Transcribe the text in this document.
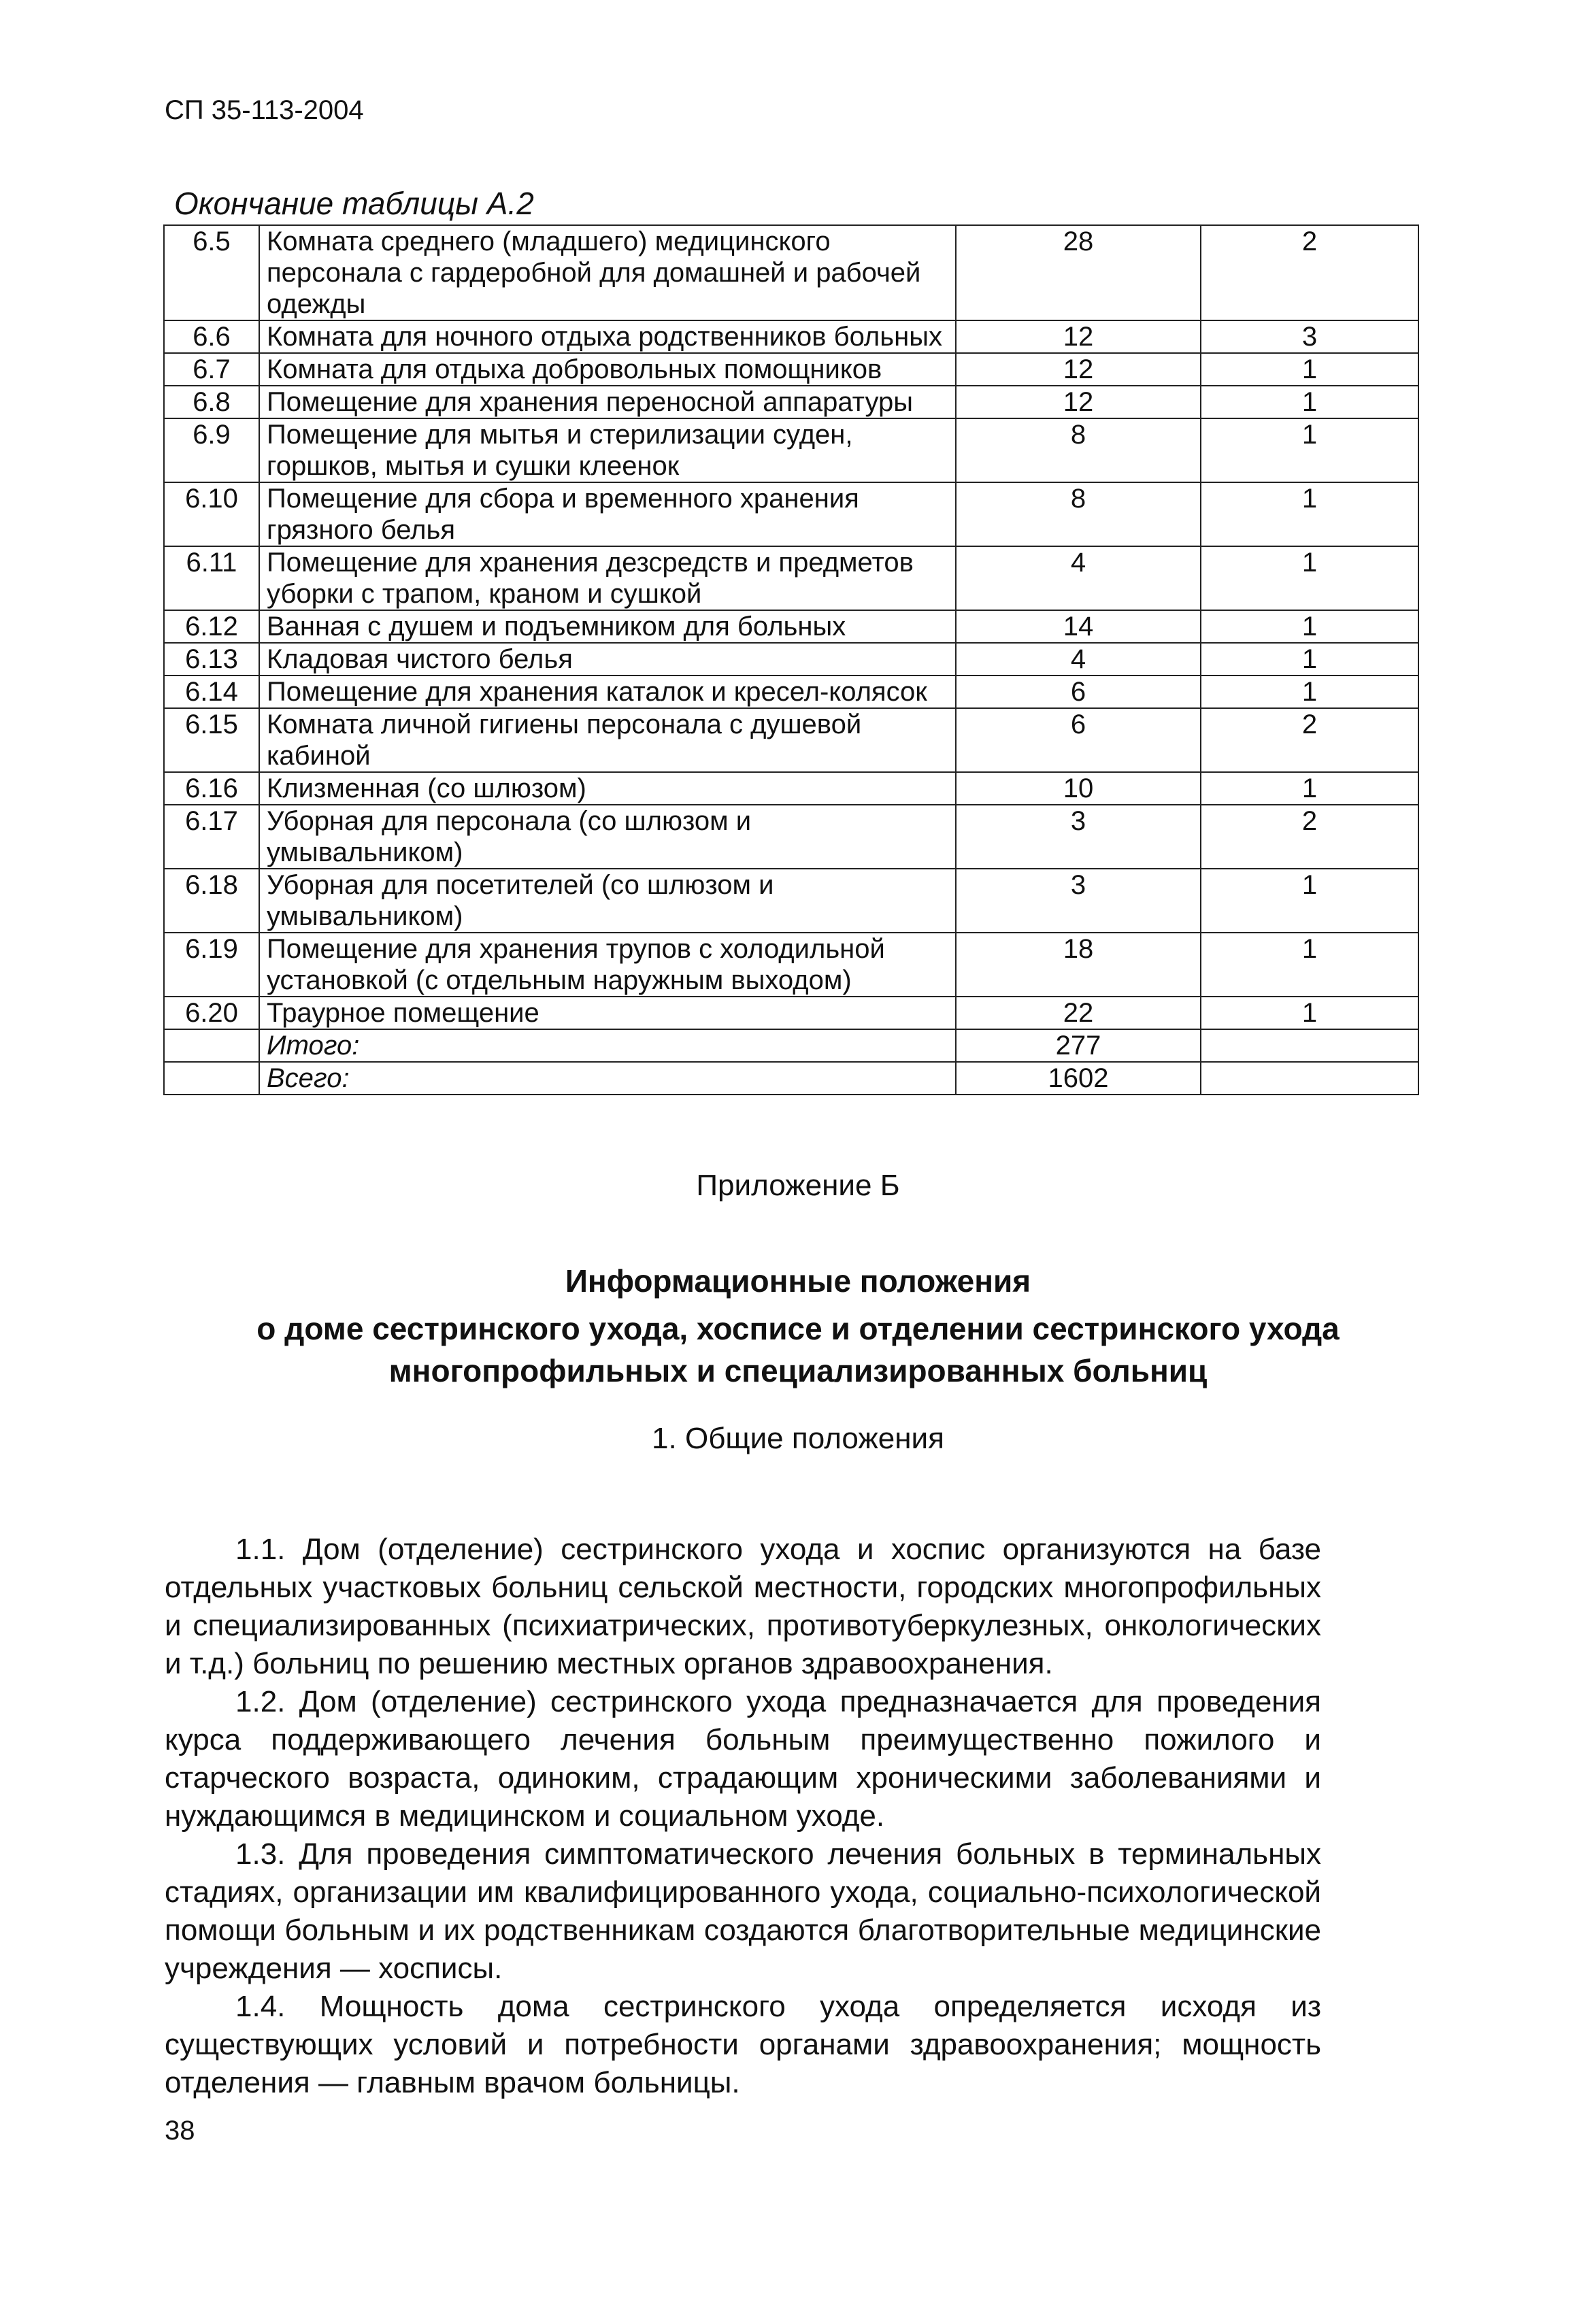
СП 35-113-2004
Окончание таблицы А.2
6.5	Комната среднего (младшего) медицинского персонала с гардеробной для домашней и рабочей одежды	28	2
6.6	Комната для ночного отдыха родственников больных	12	3
6.7	Комната для отдыха добровольных помощников	12	1
6.8	Помещение для хранения переносной аппаратуры	12	1
6.9	Помещение для мытья и стерилизации суден, горшков, мытья и сушки клеенок	8	1
6.10	Помещение для сбора и временного хранения грязного белья	8	1
6.11	Помещение для хранения дезсредств и предметов уборки с трапом, краном и сушкой	4	1
6.12	Ванная с душем и подъемником для больных	14	1
6.13	Кладовая чистого белья	4	1
6.14	Помещение для хранения каталок и кресел-колясок	6	1
6.15	Комната личной гигиены персонала с душевой кабиной	6	2
6.16	Клизменная (со шлюзом)	10	1
6.17	Уборная для персонала (со шлюзом и умывальником)	3	2
6.18	Уборная для посетителей (со шлюзом и умывальником)	3	1
6.19	Помещение для хранения трупов с холодильной установкой (с отдельным наружным выходом)	18	1
6.20	Траурное помещение	22	1
	Итого:	277	
	Всего:	1602	
Приложение Б
Информационные положения
о доме сестринского ухода, хосписе и отделении сестринского ухода
многопрофильных и специализированных больниц
1. Общие положения

1.1. Дом (отделение) сестринского ухода и хоспис организуются на базе отдельных участковых больниц сельской местности, городских многопрофильных и специализированных (психиатрических, противотуберкулезных, онкологических и т.д.) больниц по решению местных органов здравоохранения.

1.2. Дом (отделение) сестринского ухода предназначается для проведения курса поддерживающего лечения больным преимущественно пожилого и старческого возраста, одиноким, страдающим хроническими заболеваниями и нуждающимся в медицинском и социальном уходе.

1.3. Для проведения симптоматического лечения больных в терминальных стадиях, организации им квалифицированного ухода, социально-психологической помощи больным и их родственникам создаются благотворительные медицинские учреждения — хосписы.

1.4. Мощность дома сестринского ухода определяется исходя из существующих условий и потребности органами здравоохранения; мощность отделения — главным врачом больницы.

38
